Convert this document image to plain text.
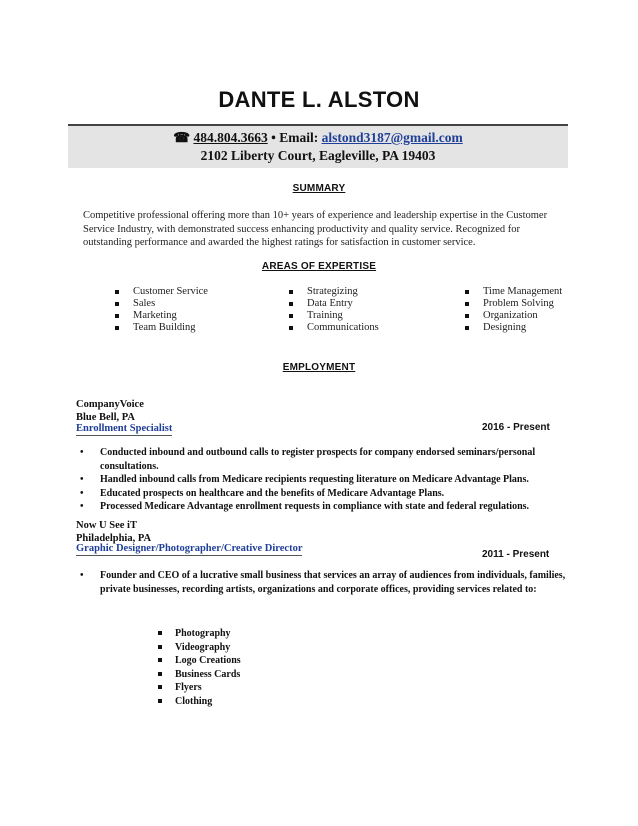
DANTE L. ALSTON
☎ 484.804.3663 • Email: alstond3187@gmail.com
2102 Liberty Court, Eagleville, PA 19403
SUMMARY
Competitive professional offering more than 10+ years of experience and leadership expertise in the Customer Service Industry, with demonstrated success enhancing productivity and quality service. Recognized for outstanding performance and awarded the highest ratings for satisfaction in customer service.
AREAS OF EXPERTISE
Customer Service
Sales
Marketing
Team Building
Strategizing
Data Entry
Training
Communications
Time Management
Problem Solving
Organization
Designing
EMPLOYMENT
CompanyVoice
Blue Bell, PA
Enrollment Specialist	2016 - Present
• Conducted inbound and outbound calls to register prospects for company endorsed seminars/personal consultations.
• Handled inbound calls from Medicare recipients requesting literature on Medicare Advantage Plans.
• Educated prospects on healthcare and the benefits of Medicare Advantage Plans.
• Processed Medicare Advantage enrollment requests in compliance with state and federal regulations.
Now U See iT
Philadelphia, PA
Graphic Designer/Photographer/Creative Director
2011 - Present
• Founder and CEO of a lucrative small business that services an array of audiences from individuals, families, private businesses, recording artists, organizations and corporate offices, providing services related to:
Photography
Videography
Logo Creations
Business Cards
Flyers
Clothing
